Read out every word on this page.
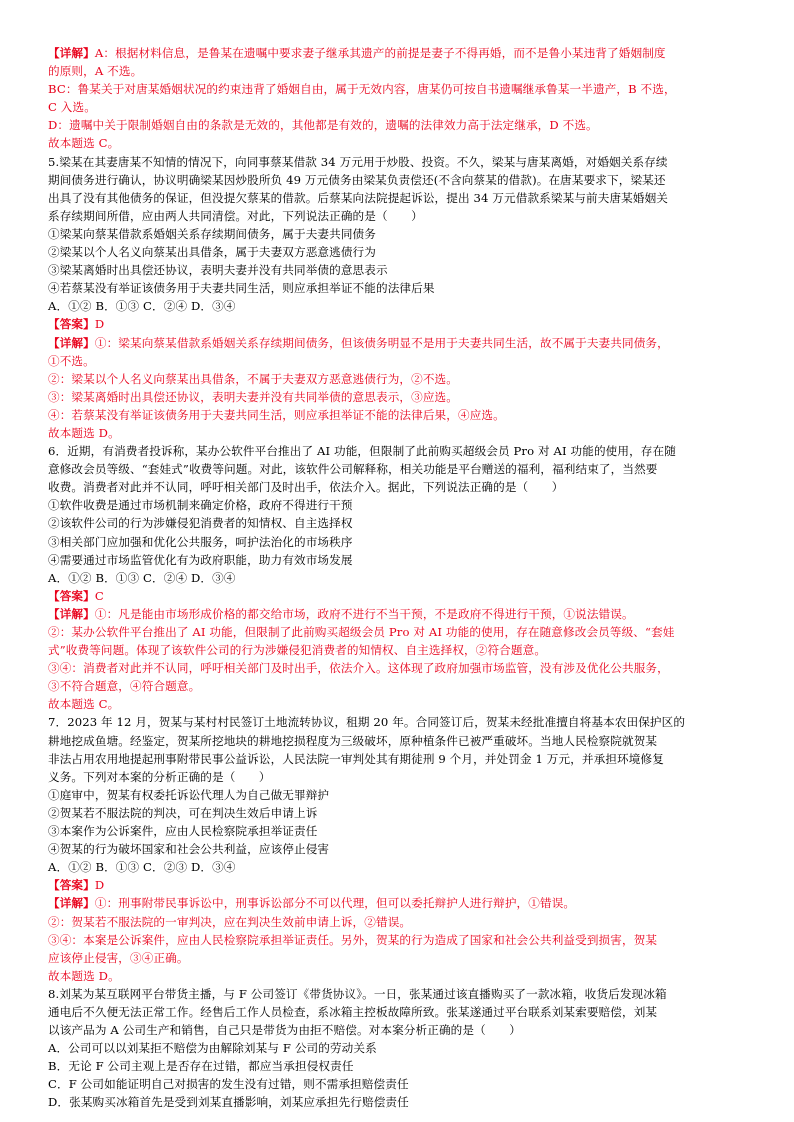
【详解】A：根据材料信息，是鲁某在遗嘱中要求妻子继承其遗产的前提是妻子不得再婚，而不是鲁小某违背了婚姻制度
的原则，A 不选。
BC：鲁某关于对唐某婚姻状况的约束违背了婚姻自由，属于无效内容，唐某仍可按自书遗嘱继承鲁某一半遗产，B 不选，
C 入选。
D：遗嘱中关于限制婚姻自由的条款是无效的，其他都是有效的，遗嘱的法律效力高于法定继承，D 不选。
故本题选 C。
5.梁某在其妻唐某不知情的情况下，向同事蔡某借款 34 万元用于炒股、投资。不久，梁某与唐某离婚，对婚姻关系存续
期间债务进行确认，协议明确梁某因炒股所负 49 万元债务由梁某负责偿还(不含向蔡某的借款)。在唐某要求下，梁某还
出具了没有其他债务的保证，但没提欠蔡某的借款。后蔡某向法院提起诉讼，提出 34 万元借款系梁某与前夫唐某婚姻关
系存续期间所借，应由两人共同清偿。对此，下列说法正确的是（　　）
①梁某向蔡某借款系婚姻关系存续期间债务，属于夫妻共同债务
②梁某以个人名义向蔡某出具借条，属于夫妻双方恶意逃债行为
③梁某离婚时出具偿还协议，表明夫妻并没有共同举债的意思表示
④若蔡某没有举证该债务用于夫妻共同生活，则应承担举证不能的法律后果
A．①② B．①③ C．②④ D．③④
【答案】D
【详解】①：梁某向蔡某借款系婚姻关系存续期间债务，但该债务明显不是用于夫妻共同生活，故不属于夫妻共同债务，
①不选。
②：梁某以个人名义向蔡某出具借条，不属于夫妻双方恶意逃债行为，②不选。
③：梁某离婚时出具偿还协议，表明夫妻并没有共同举债的意思表示，③应选。
④：若蔡某没有举证该债务用于夫妻共同生活，则应承担举证不能的法律后果，④应选。
故本题选 D。
6．近期，有消费者投诉称，某办公软件平台推出了 AI 功能，但限制了此前购买超级会员 Pro 对 AI 功能的使用，存在随
意修改会员等级、“套娃式”收费等问题。对此，该软件公司解释称，相关功能是平台赠送的福利，福利结束了，当然要
收费。消费者对此并不认同，呼吁相关部门及时出手，依法介入。据此，下列说法正确的是（　　）
①软件收费是通过市场机制来确定价格，政府不得进行干预
②该软件公司的行为涉嫌侵犯消费者的知情权、自主选择权
③相关部门应加强和优化公共服务，呵护法治化的市场秩序
④需要通过市场监管优化有为政府职能，助力有效市场发展
A．①② B．①③ C．②④ D．③④
【答案】C
【详解】①：凡是能由市场形成价格的都交给市场，政府不进行不当干预，不是政府不得进行干预，①说法错误。
②：某办公软件平台推出了 AI 功能，但限制了此前购买超级会员 Pro 对 AI 功能的使用，存在随意修改会员等级、“套娃
式”收费等问题。体现了该软件公司的行为涉嫌侵犯消费者的知情权、自主选择权，②符合题意。
③④：消费者对此并不认同，呼吁相关部门及时出手，依法介入。这体现了政府加强市场监管，没有涉及优化公共服务，
③不符合题意，④符合题意。
故本题选 C。
7．2023 年 12 月，贺某与某村村民签订土地流转协议，租期 20 年。合同签订后，贺某未经批准擅自将基本农田保护区的
耕地挖成鱼塘。经鉴定，贺某所挖地块的耕地挖损程度为三级破坏，原种植条件已被严重破坏。当地人民检察院就贺某
非法占用农用地提起刑事附带民事公益诉讼，人民法院一审判处其有期徒刑 9 个月，并处罚金 1 万元，并承担环境修复
义务。下列对本案的分析正确的是（　　）
①庭审中，贺某有权委托诉讼代理人为自己做无罪辩护
②贺某若不服法院的判决，可在判决生效后申请上诉
③本案作为公诉案件，应由人民检察院承担举证责任
④贺某的行为破坏国家和社会公共利益，应该停止侵害
A．①② B．①③ C．②③ D．③④
【答案】D
【详解】①：刑事附带民事诉讼中，刑事诉讼部分不可以代理，但可以委托辩护人进行辩护，①错误。
②：贺某若不服法院的一审判决，应在判决生效前申请上诉，②错误。
③④：本案是公诉案件，应由人民检察院承担举证责任。另外，贺某的行为造成了国家和社会公共利益受到损害，贺某
应该停止侵害，③④正确。
故本题选 D。
8.刘某为某互联网平台带货主播，与 F 公司签订《带货协议》。一日，张某通过该直播购买了一款冰箱，收货后发现冰箱
通电后不久便无法正常工作。经售后工作人员检查，系冰箱主控板故障所致。张某遂通过平台联系刘某索要赔偿，刘某
以该产品为 A 公司生产和销售，自己只是带货为由拒不赔偿。对本案分析正确的是（　　）
A．公司可以以刘某拒不赔偿为由解除刘某与 F 公司的劳动关系
B．无论 F 公司主观上是否存在过错，都应当承担侵权责任
C．F 公司如能证明自己对损害的发生没有过错，则不需承担赔偿责任
D．张某购买冰箱首先是受到刘某直播影响，刘某应承担先行赔偿责任
